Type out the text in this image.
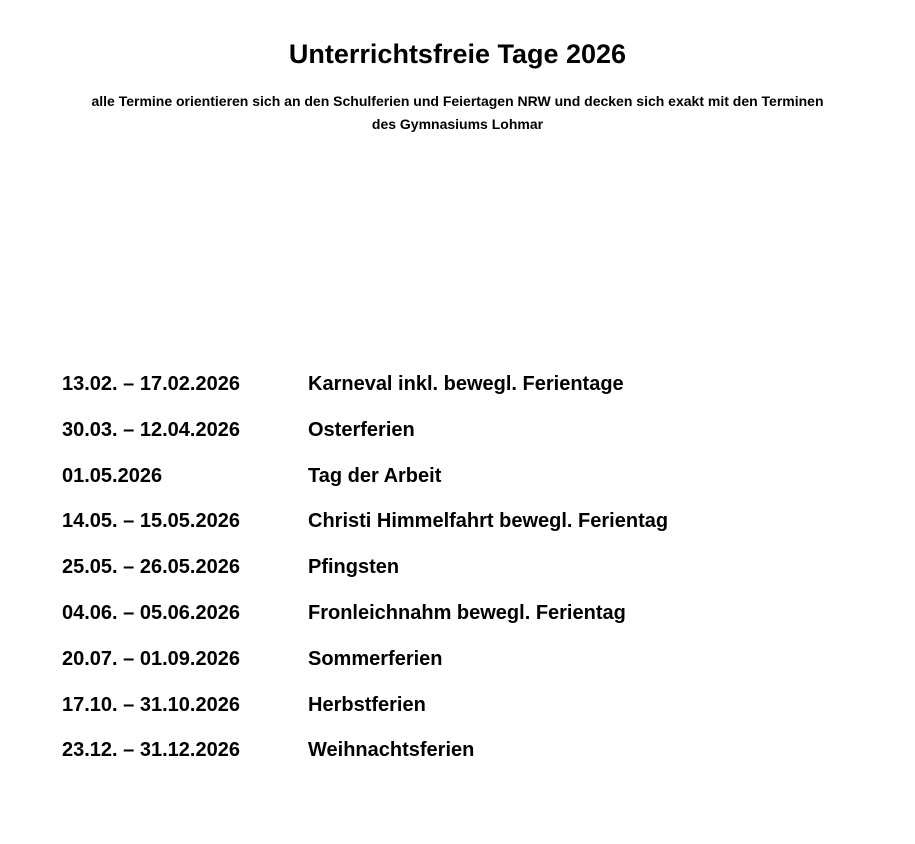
Unterrichtsfreie Tage 2026

alle Termine orientieren sich an den Schulferien und Feiertagen NRW und decken sich exakt mit den Terminen des Gymnasiums Lohmar

13.02. – 17.02.2026	Karneval inkl. bewegl. Ferientage
30.03. – 12.04.2026	Osterferien
01.05.2026	Tag der Arbeit
14.05. – 15.05.2026	Christi Himmelfahrt bewegl. Ferientag
25.05. – 26.05.2026	Pfingsten
04.06. – 05.06.2026	Fronleichnahm bewegl. Ferientag
20.07. – 01.09.2026	Sommerferien
17.10. – 31.10.2026	Herbstferien
23.12. – 31.12.2026	Weihnachtsferien
